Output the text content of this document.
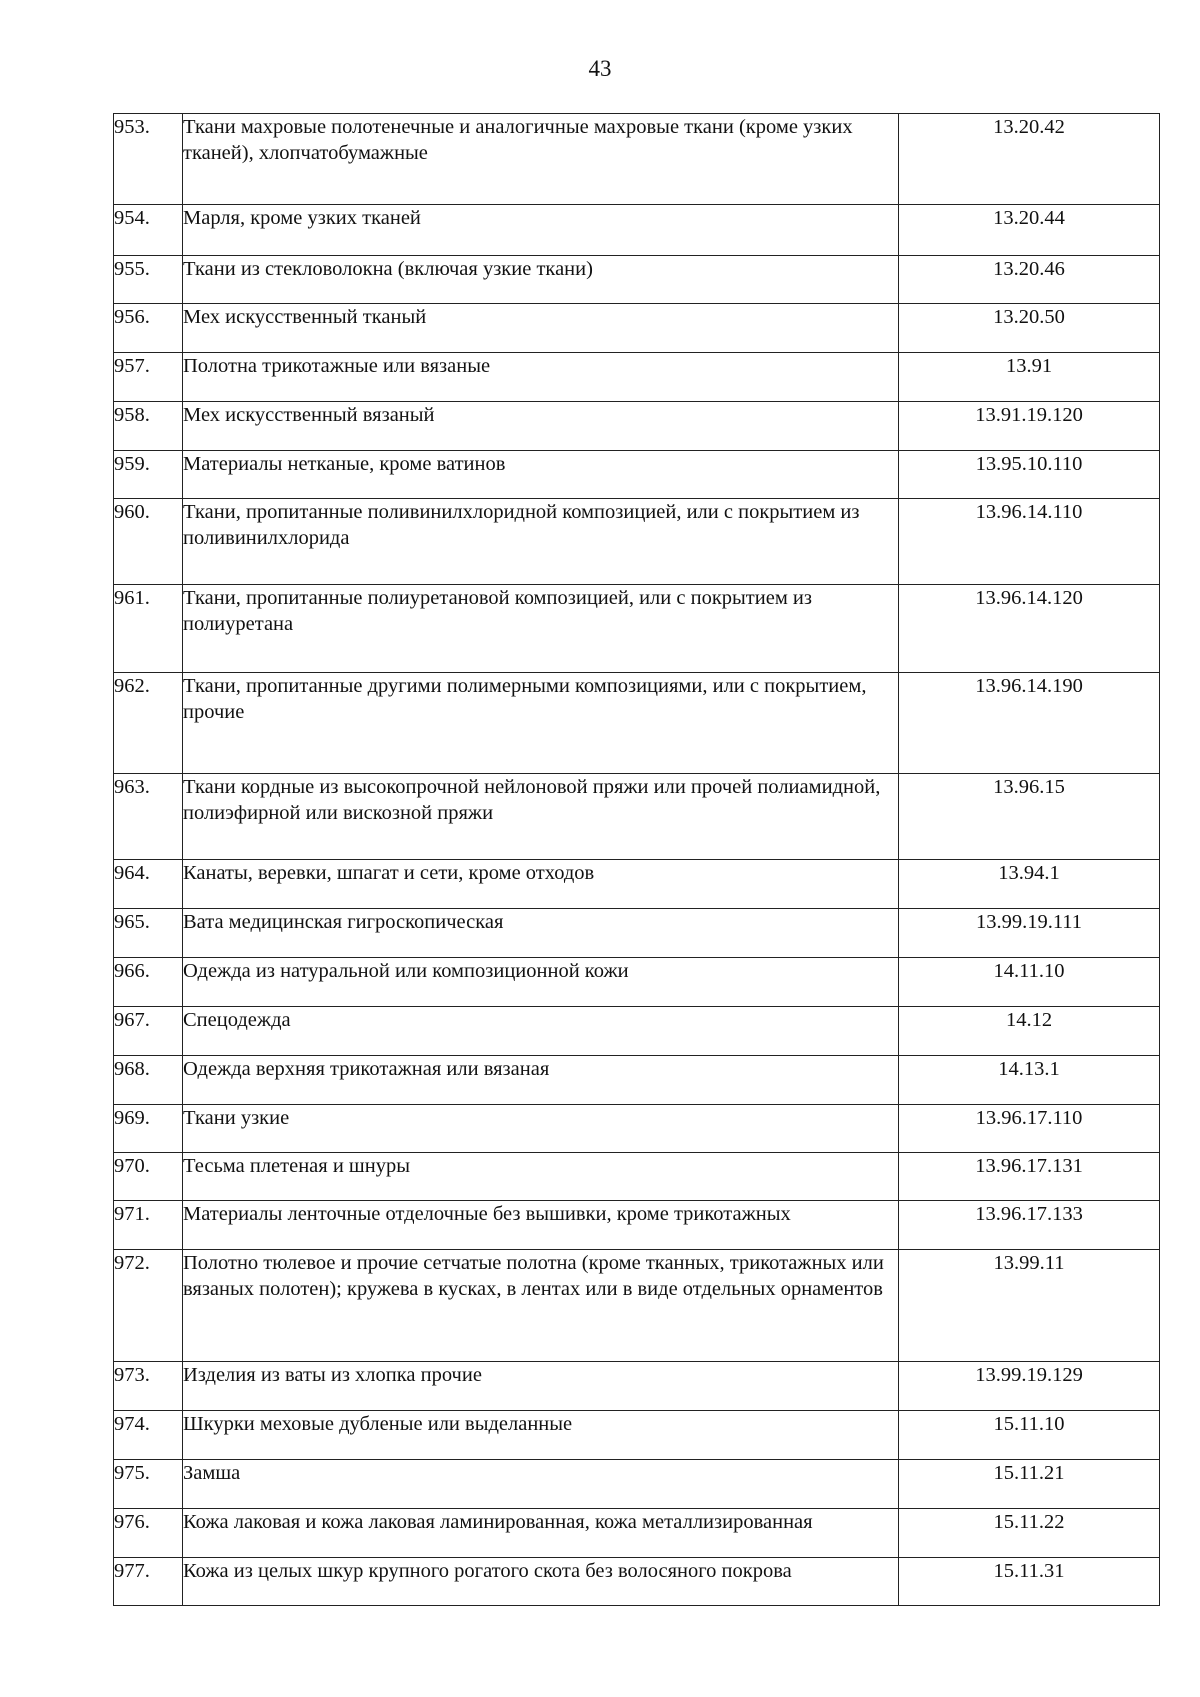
43
953.	Ткани махровые полотенечные и аналогичные махровые ткани (кроме узких тканей), хлопчатобумажные	13.20.42
954.	Марля, кроме узких тканей	13.20.44
955.	Ткани из стекловолокна (включая узкие ткани)	13.20.46
956.	Мех искусственный тканый	13.20.50
957.	Полотна трикотажные или вязаные	13.91
958.	Мех искусственный вязаный	13.91.19.120
959.	Материалы нетканые, кроме ватинов	13.95.10.110
960.	Ткани, пропитанные поливинилхлоридной композицией, или с покрытием из поливинилхлорида	13.96.14.110
961.	Ткани, пропитанные полиуретановой композицией, или с покрытием из полиуретана	13.96.14.120
962.	Ткани, пропитанные другими полимерными композициями, или с покрытием, прочие	13.96.14.190
963.	Ткани кордные из высокопрочной нейлоновой пряжи или прочей полиамидной, полиэфирной или вискозной пряжи	13.96.15
964.	Канаты, веревки, шпагат и сети, кроме отходов	13.94.1
965.	Вата медицинская гигроскопическая	13.99.19.111
966.	Одежда из натуральной или композиционной кожи	14.11.10
967.	Спецодежда	14.12
968.	Одежда верхняя трикотажная или вязаная	14.13.1
969.	Ткани узкие	13.96.17.110
970.	Тесьма плетеная и шнуры	13.96.17.131
971.	Материалы ленточные отделочные без вышивки, кроме трикотажных	13.96.17.133
972.	Полотно тюлевое и прочие сетчатые полотна (кроме тканных, трикотажных или вязаных полотен); кружева в кусках, в лентах или в виде отдельных орнаментов	13.99.11
973.	Изделия из ваты из хлопка прочие	13.99.19.129
974.	Шкурки меховые дубленые или выделанные	15.11.10
975.	Замша	15.11.21
976.	Кожа лаковая и кожа лаковая ламинированная, кожа металлизированная	15.11.22
977.	Кожа из целых шкур крупного рогатого скота без волосяного покрова	15.11.31
